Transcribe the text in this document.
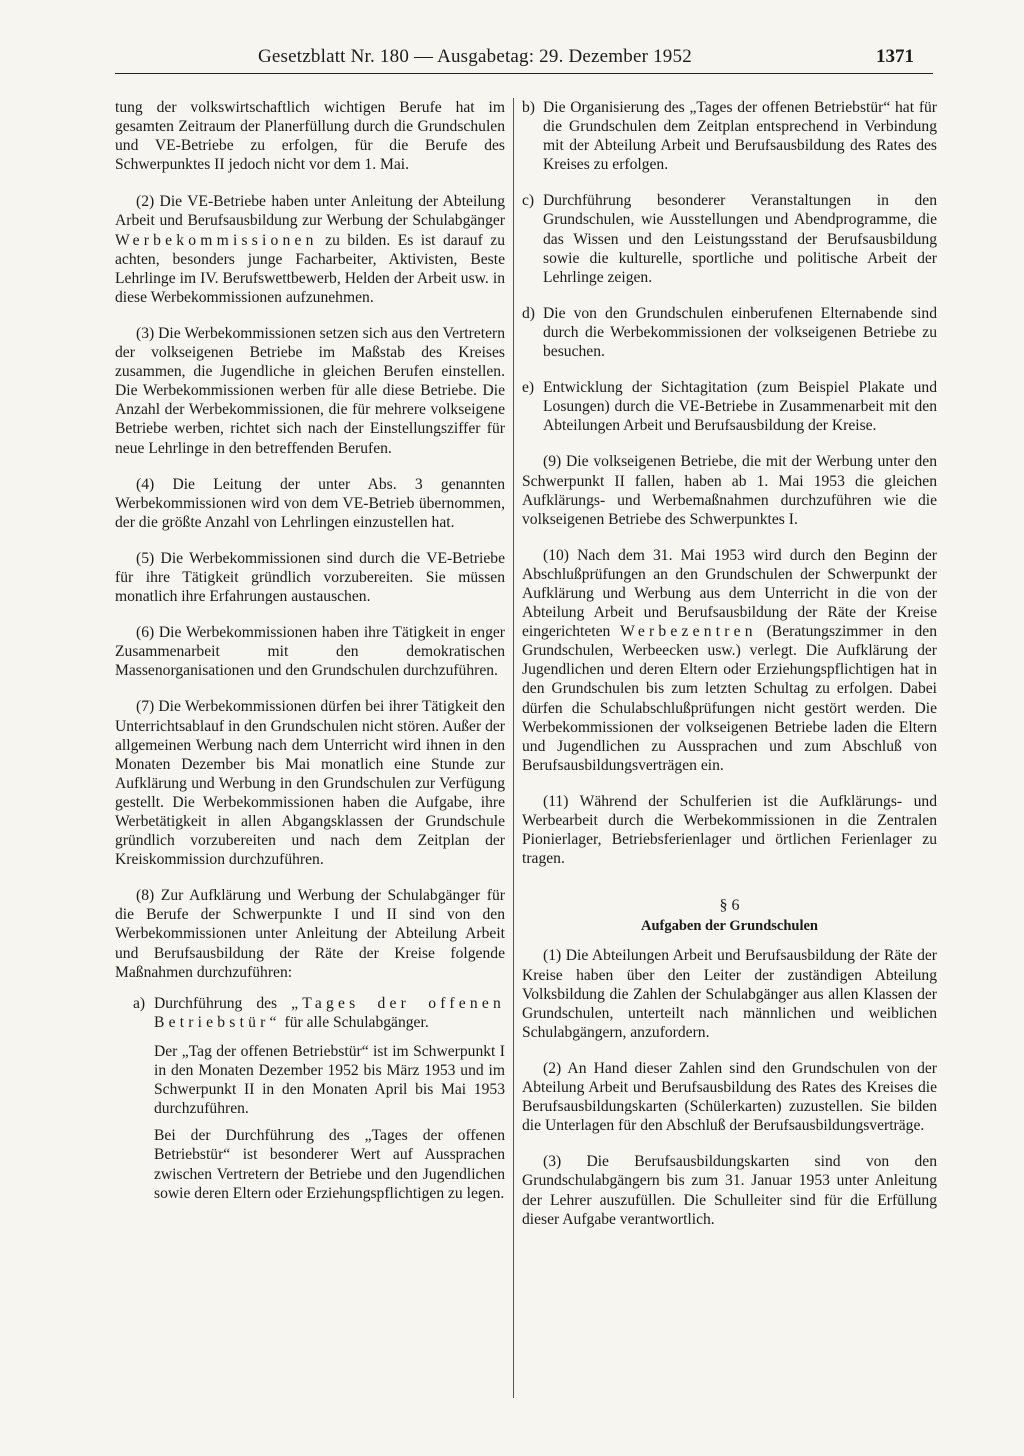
Gesetzblatt Nr. 180 — Ausgabetag: 29. Dezember 1952	1371

tung der volkswirtschaftlich wichtigen Berufe hat im gesamten Zeitraum der Planerfüllung durch die Grundschulen und VE-Betriebe zu erfolgen, für die Berufe des Schwerpunktes II jedoch nicht vor dem 1. Mai.

(2) Die VE-Betriebe haben unter Anleitung der Abteilung Arbeit und Berufsausbildung zur Werbung der Schulabgänger Werbekommissionen zu bilden. Es ist darauf zu achten, besonders junge Facharbeiter, Aktivisten, Beste Lehrlinge im IV. Berufswettbewerb, Helden der Arbeit usw. in diese Werbekommissionen aufzunehmen.

(3) Die Werbekommissionen setzen sich aus den Vertretern der volkseigenen Betriebe im Maßstab des Kreises zusammen, die Jugendliche in gleichen Berufen einstellen. Die Werbekommissionen werben für alle diese Betriebe. Die Anzahl der Werbekommissionen, die für mehrere volkseigene Betriebe werben, richtet sich nach der Einstellungsziffer für neue Lehrlinge in den betreffenden Berufen.

(4) Die Leitung der unter Abs. 3 genannten Werbekommissionen wird von dem VE-Betrieb übernommen, der die größte Anzahl von Lehrlingen einzustellen hat.

(5) Die Werbekommissionen sind durch die VE-Betriebe für ihre Tätigkeit gründlich vorzubereiten. Sie müssen monatlich ihre Erfahrungen austauschen.

(6) Die Werbekommissionen haben ihre Tätigkeit in enger Zusammenarbeit mit den demokratischen Massenorganisationen und den Grundschulen durchzuführen.

(7) Die Werbekommissionen dürfen bei ihrer Tätigkeit den Unterrichtsablauf in den Grundschulen nicht stören. Außer der allgemeinen Werbung nach dem Unterricht wird ihnen in den Monaten Dezember bis Mai monatlich eine Stunde zur Aufklärung und Werbung in den Grundschulen zur Verfügung gestellt. Die Werbekommissionen haben die Aufgabe, ihre Werbetätigkeit in allen Abgangsklassen der Grundschule gründlich vorzubereiten und nach dem Zeitplan der Kreiskommission durchzuführen.

(8) Zur Aufklärung und Werbung der Schulabgänger für die Berufe der Schwerpunkte I und II sind von den Werbekommissionen unter Anleitung der Abteilung Arbeit und Berufsausbildung der Räte der Kreise folgende Maßnahmen durchzuführen:

a) Durchführung des „Tages der offenen Betriebstür“ für alle Schulabgänger.

Der „Tag der offenen Betriebstür“ ist im Schwerpunkt I in den Monaten Dezember 1952 bis März 1953 und im Schwerpunkt II in den Monaten April bis Mai 1953 durchzuführen.

Bei der Durchführung des „Tages der offenen Betriebstür“ ist besonderer Wert auf Aussprachen zwischen Vertretern der Betriebe und den Jugendlichen sowie deren Eltern oder Erziehungspflichtigen zu legen.

b) Die Organisierung des „Tages der offenen Betriebstür“ hat für die Grundschulen dem Zeitplan entsprechend in Verbindung mit der Abteilung Arbeit und Berufsausbildung des Rates des Kreises zu erfolgen.
c) Durchführung besonderer Veranstaltungen in den Grundschulen, wie Ausstellungen und Abendprogramme, die das Wissen und den Leistungsstand der Berufsausbildung sowie die kulturelle, sportliche und politische Arbeit der Lehrlinge zeigen.
d) Die von den Grundschulen einberufenen Elternabende sind durch die Werbekommissionen der volkseigenen Betriebe zu besuchen.
e) Entwicklung der Sichtagitation (zum Beispiel Plakate und Losungen) durch die VE-Betriebe in Zusammenarbeit mit den Abteilungen Arbeit und Berufsausbildung der Kreise.

(9) Die volkseigenen Betriebe, die mit der Werbung unter den Schwerpunkt II fallen, haben ab 1. Mai 1953 die gleichen Aufklärungs- und Werbemaßnahmen durchzuführen wie die volkseigenen Betriebe des Schwerpunktes I.

(10) Nach dem 31. Mai 1953 wird durch den Beginn der Abschlußprüfungen an den Grundschulen der Schwerpunkt der Aufklärung und Werbung aus dem Unterricht in die von der Abteilung Arbeit und Berufsausbildung der Räte der Kreise eingerichteten Werbezentren (Beratungszimmer in den Grundschulen, Werbeecken usw.) verlegt. Die Aufklärung der Jugendlichen und deren Eltern oder Erziehungspflichtigen hat in den Grundschulen bis zum letzten Schultag zu erfolgen. Dabei dürfen die Schulabschlußprüfungen nicht gestört werden. Die Werbekommissionen der volkseigenen Betriebe laden die Eltern und Jugendlichen zu Aussprachen und zum Abschluß von Berufsausbildungsverträgen ein.

(11) Während der Schulferien ist die Aufklärungs- und Werbearbeit durch die Werbekommissionen in die Zentralen Pionierlager, Betriebsferienlager und örtlichen Ferienlager zu tragen.

§ 6
Aufgaben der Grundschulen

(1) Die Abteilungen Arbeit und Berufsausbildung der Räte der Kreise haben über den Leiter der zuständigen Abteilung Volksbildung die Zahlen der Schulabgänger aus allen Klassen der Grundschulen, unterteilt nach männlichen und weiblichen Schulabgängern, anzufordern.

(2) An Hand dieser Zahlen sind den Grundschulen von der Abteilung Arbeit und Berufsausbildung des Rates des Kreises die Berufsausbildungskarten (Schülerkarten) zuzustellen. Sie bilden die Unterlagen für den Abschluß der Berufsausbildungsverträge.

(3) Die Berufsausbildungskarten sind von den Grundschulabgängern bis zum 31. Januar 1953 unter Anleitung der Lehrer auszufüllen. Die Schulleiter sind für die Erfüllung dieser Aufgabe verantwortlich.
